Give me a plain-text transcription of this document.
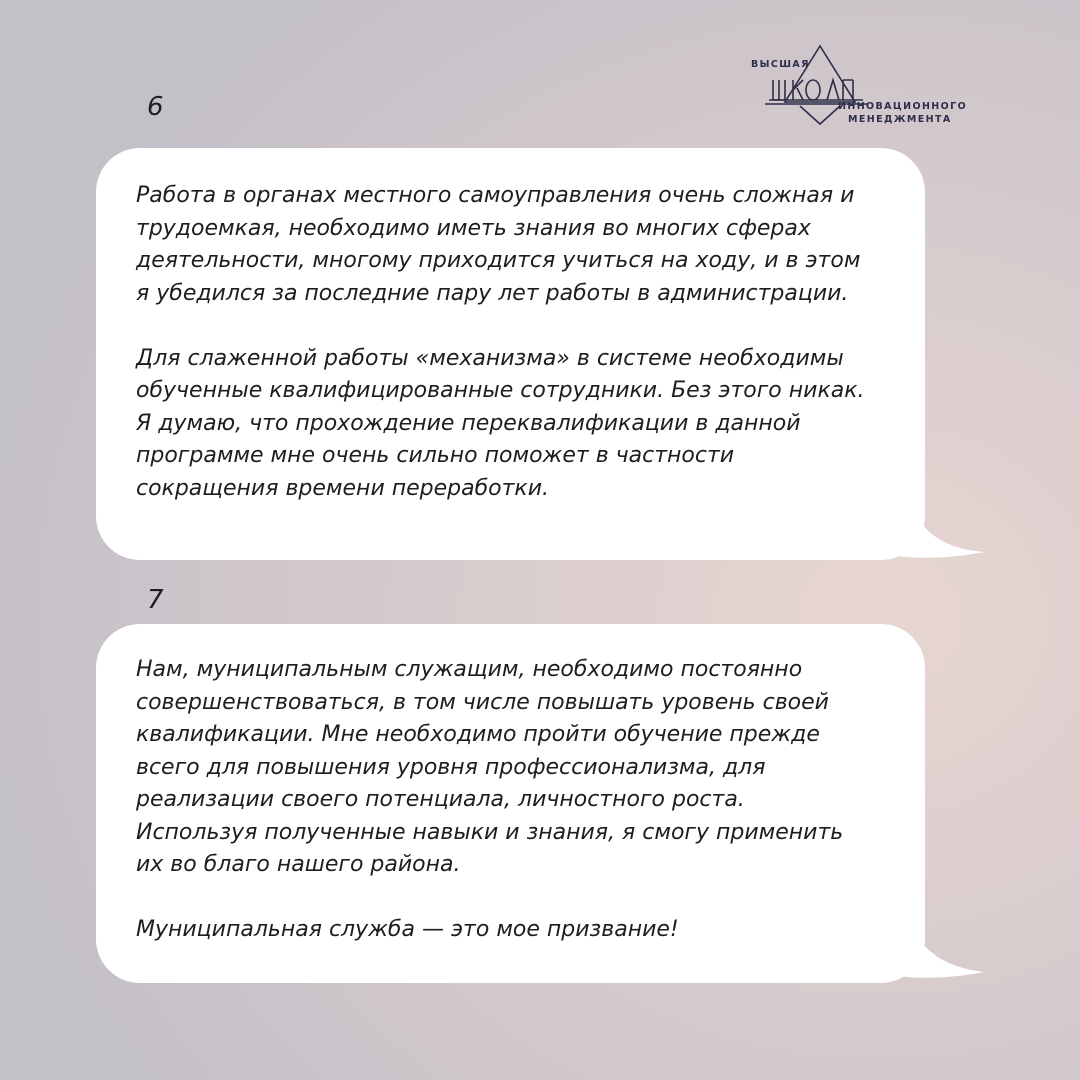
ВЫСШАЯ
ИННОВАЦИОННОГО
МЕНЕДЖМЕНТА
6
7

Работа в органах местного самоуправления очень сложная и

трудоемкая, необходимо иметь знания во многих сферах

деятельности, многому приходится учиться на ходу, и в этом

я убедился за последние пару лет работы в администрации.

Для слаженной работы «механизма» в системе необходимы

обученные квалифицированные сотрудники. Без этого никак.

Я думаю, что прохождение переквалификации в данной

программе мне очень сильно поможет в частности

сокращения времени переработки.

Нам, муниципальным служащим, необходимо постоянно

совершенствоваться, в том числе повышать уровень своей

квалификации. Мне необходимо пройти обучение прежде

всего для повышения уровня профессионализма, для

реализации своего потенциала, личностного роста.

Используя полученные навыки и знания, я смогу применить

их во благо нашего района.

Муниципальная служба — это мое призвание!
